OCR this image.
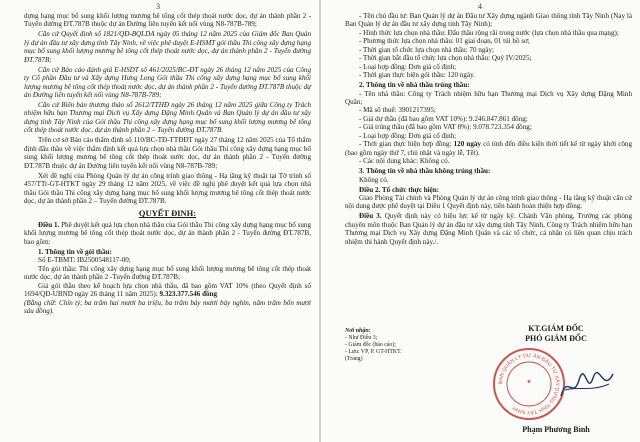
3

dựng hạng mục bổ sung khối lượng mương bê tông cốt thép thoát nước dọc, dự án thành phần 2 -Tuyến đường ĐT.787B thuộc dự án Đường liên tuyến kết nối vùng N8-787B-789;

Căn cứ Quyết định số 1821/QĐ-BQLDA ngày 05 tháng 12 năm 2025 của Giám đốc Ban Quản lý dự án đầu tư xây dựng tỉnh Tây Ninh, về việc phê duyệt E-HSMT gói thầu Thi công xây dựng hạng mục bổ sung khối lượng mương bê tông cốt thép thoát nước dọc, dự án thành phần 2 - Tuyến đường ĐT.787B;

Căn cứ Báo cáo đánh giá E-HSDT số 461/2025/BC-ĐT ngày 26 tháng 12 năm 2025 của Công ty Cổ phần Đầu tư và Xây dựng Hưng Long Gói thầu Thi công xây dựng hạng mục bổ sung khối lượng mương bê tông cốt thép thoát nước dọc, dự án thành phần 2 - Tuyến đường ĐT.787B thuộc dự án Đường liên tuyến kết nối vùng N8-787B-789;

Căn cứ Biên bản thương thảo số 2612/TTHĐ ngày 26 tháng 12 năm 2025 giữa Công ty Trách nhiệm hữu hạn Thương mại Dịch vụ Xây dựng Đặng Minh Quân và Ban Quản lý dự án đầu tư xây dựng tỉnh Tây Ninh của Gói thầu Thi công xây dựng hạng mục bổ sung khối lượng mương bê tông cốt thép thoát nước dọc, dự án thành phần 2 – Tuyến đường ĐT.787B.

Trên cơ sở Báo cáo thẩm định số 110/BC-TĐ-TTĐĐT ngày 27 tháng 12 năm 2025 của Tổ thẩm định đấu thầu về việc thẩm định kết quả lựa chọn nhà thầu Gói thầu Thi công xây dựng hạng mục bổ sung khối lượng mương bê tông cốt thép thoát nước dọc, dự án thành phần 2 - Tuyến đường ĐT.787B thuộc dự án Đường liên tuyến kết nối vùng N8-787B-789;

Xét đề nghị của Phòng Quản lý dự án công trình giao thông - Hạ tầng kỹ thuật tại Tờ trình số 457/TTr-GT-HTKT ngày 29 tháng 12 năm 2025, về việc đề nghị phê duyệt kết quả lựa chọn nhà thầu Gói thầu Thi công xây dựng hạng mục bổ sung khối lượng mương bê tông cốt thép thoát nước dọc, dự án thành phần 2 – Tuyến đường ĐT.787B.

QUYẾT ĐỊNH:

Điều 1. Phê duyệt kết quả lựa chọn nhà thầu của Gói thầu Thi công xây dựng hạng mục bổ sung khối lượng mương bê tông cốt thép thoát nước dọc, dự án thành phần 2 - Tuyến đường ĐT.787B, bao gồm:

1. Thông tin về gói thầu:

Số E-TBMT: IB2500548117-00;

Tên gói thầu: Thi công xây dựng hạng mục bổ sung khối lượng mương bê tông cốt thép thoát nước dọc, dự án thành phần 2 -Tuyến đường ĐT.787B;

Giá gói thầu theo kế hoạch lựa chọn nhà thầu, đã bao gồm VAT 10% (theo Quyết định số 1694/QĐ-UBND ngày 26 tháng 11 năm 2025): 9.323.377.546 đồng

(Bằng chữ: Chín tỷ, ba trăm hai mươi ba triệu, ba trăm bảy mươi bảy nghìn, năm trăm bốn mươi sáu đồng).

4

- Tên chủ đầu tư: Ban Quản lý dự án Đầu tư Xây dựng ngành Giao thông tỉnh Tây Ninh (Nay là Ban Quản lý dự án đầu tư xây dựng tỉnh Tây Ninh);

- Hình thức lựa chọn nhà thầu: Đấu thầu rộng rãi trong nước (lựa chọn nhà thầu qua mạng);

- Phương thức lựa chọn nhà thầu: 01 giai đoạn, 01 túi hồ sơ;

- Thời gian tổ chức lựa chọn nhà thầu: 70 ngày;

- Thời gian bắt đầu tổ chức lựa chọn nhà thầu: Quý IV/2025;

- Loại hợp đồng: Đơn giá cố định;

- Thời gian thực hiện gói thầu: 120 ngày.

2. Thông tin về nhà thầu trúng thầu:

- Tên nhà thầu: Công ty Trách nhiệm hữu hạn Thương mại Dịch vụ Xây dựng Đặng Minh Quân;

- Mã số thuế: 3901217395;

- Giá dự thầu (đã bao gồm VAT 10%): 9.246.847.861 đồng;

- Giá trúng thầu (đã bao gồm VAT 8%): 9.078.723.354 đồng;

- Loại hợp đồng: Đơn giá cố định;

- Thời gian thực hiện hợp đồng: 120 ngày có tính đến điều kiện thời tiết kể từ ngày khởi công (bao gồm ngày thứ 7, chủ nhật và ngày lễ, Tết).

- Các nội dung khác: Không có.

3. Thông tin về nhà thầu không trúng thầu:

Không có.

Điều 2. Tổ chức thực hiện:

Giao Phòng Tài chính và Phòng Quản lý dự án công trình giao thông - Hạ tầng kỹ thuật căn cứ nội dung được phê duyệt tại Điều 1 Quyết định này, tiến hành hoàn thiện hợp đồng.

Điều 3. Quyết định này có hiệu lực kể từ ngày ký. Chánh Văn phòng, Trưởng các phòng chuyên môn thuộc Ban Quản lý dự án đầu tư xây dựng tỉnh Tây Ninh, Công ty Trách nhiệm hữu hạn Thương mại Dịch vụ Xây dựng Đặng Minh Quân và các tổ chức, cá nhân có liên quan chịu trách nhiệm thi hành Quyết định này./.

Nơi nhận:
- Như Điều 3;
- Giám đốc (báo cáo);
- Lưu: VP, P. GT-HTKT.
(Trang)
KT.GIÁM ĐỐC
PHÓ GIÁM ĐỐC
BAN QUẢN LÝ DỰ ÁN ĐẦU TƯ XÂY DỰNG TỈNH TÂY NINH
★
Phạm Phương Bình
